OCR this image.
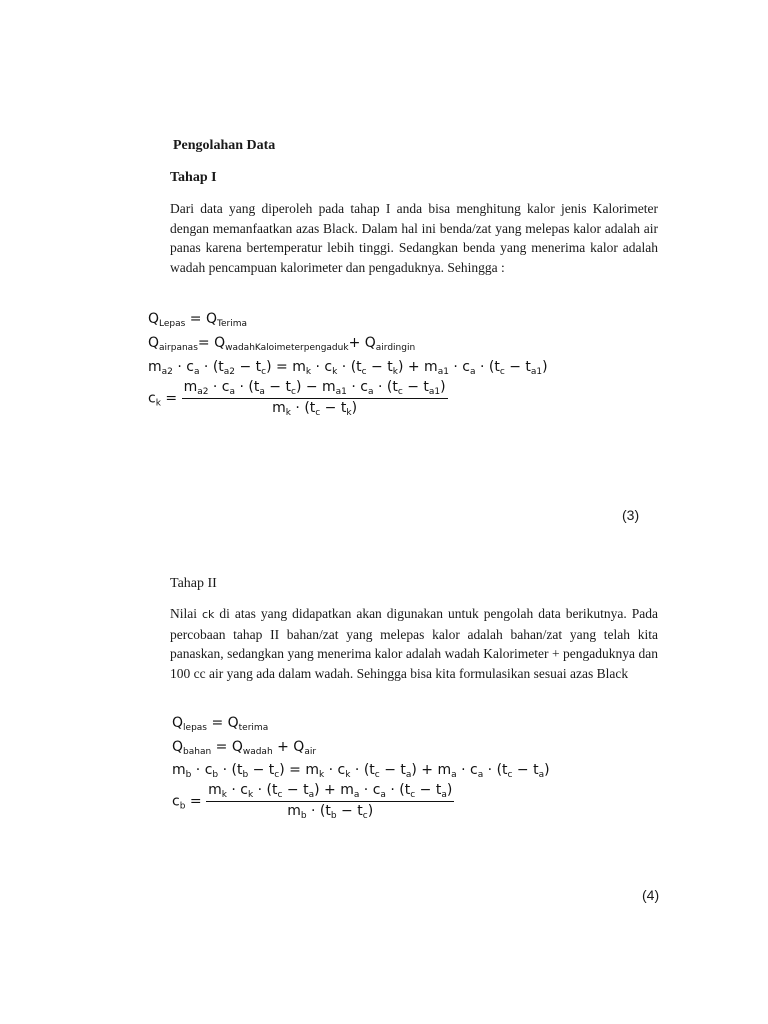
Pengolahan Data
Tahap I

Dari data yang diperoleh pada tahap I anda bisa menghitung kalor jenis Kalorimeter dengan memanfaatkan azas Black. Dalam hal ini benda/zat yang melepas kalor adalah air panas karena bertemperatur lebih tinggi. Sedangkan benda yang menerima kalor adalah wadah pencampuan kalorimeter dan pengaduknya. Sehingga :

$Q_{Lepas} = Q_{Terima}$
$Q_{airpanas}= Q_{wadahKaloimeterpengaduk}+ Q_{airdingin}$
$m_{a2} \cdot c_a \cdot (t_{a2} - t_c) = m_k \cdot c_k \cdot (t_c - t_k) + m_{a1} \cdot c_a \cdot (t_c - t_{a1})$
$c_k = \frac{m_{a2} \cdot c_a \cdot (t_a - t_c) - m_{a1} \cdot c_a \cdot (t_c - t_{a1})}{m_k \cdot (t_c - t_k)}$
(3)
Tahap II

Nilai ck di atas yang didapatkan akan digunakan untuk pengolah data berikutnya. Pada percobaan tahap II bahan/zat yang melepas kalor adalah bahan/zat yang telah kita panaskan, sedangkan yang menerima kalor adalah wadah Kalorimeter + pengaduknya dan 100 cc air yang ada dalam wadah. Sehingga bisa kita formulasikan sesuai azas Black

$Q_{lepas} = Q_{terima}$
$Q_{bahan} = Q_{wadah} + Q_{air}$
$m_b \cdot c_b \cdot (t_b - t_c) = m_k \cdot c_k \cdot (t_c - t_a) + m_a \cdot c_a \cdot (t_c - t_a)$
$c_b = \frac{m_k \cdot c_k \cdot (t_c - t_a) + m_a \cdot c_a \cdot (t_c - t_a)}{m_b \cdot (t_b - t_c)}$
(4)
